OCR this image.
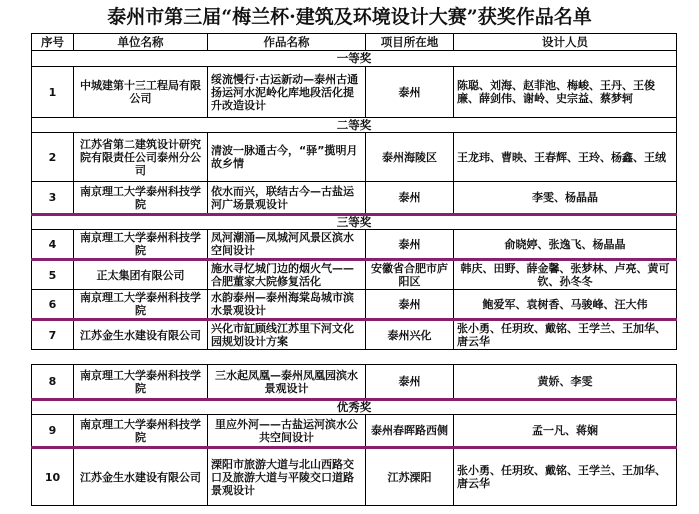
泰州市第三届“梅兰杯·建筑及环境设计大赛”获奖作品名单
序号	单位名称	作品名称	项目所在地	设计人员
一等奖				
1	中城建第十三工程局有限公司	绥流慢行·古运新动—泰州古通扬运河水泥岭化库地段活化提升改造设计	泰州	陈聪、刘海、赵菲池、梅峻、王丹、王俊廉、薛剑伟、谢岭、史宗益、蔡梦轲
二等奖				
2	江苏省第二建筑设计研究院有限责任公司泰州分公司	清波一脉通古今，“驿”揽明月故乡情	泰州海陵区	王龙玮、曹映、王春辉、王玲、杨鑫、王绒
3	南京理工大学泰州科技学院	依水而兴，联结古今—古盐运河广场景观设计	泰州	李雯、杨晶晶
三等奖				
4	南京理工大学泰州科技学院	凤河潮涌—凤城河风景区滨水空间设计	泰州	俞晓婷、张逸飞、杨晶晶
5	正太集团有限公司	施水寻忆城门边的烟火气——合肥董家大院修复活化	安徽省合肥市庐阳区	韩庆、田野、薛金馨、张梦林、卢亮、黄可钦、孙冬冬
6	南京理工大学泰州科技学院	水韵泰州—泰州海棠岛城市滨水景观设计	泰州	鲍爱军、袁树香、马骏峰、汪大伟
7	江苏金生水建设有限公司	兴化市缸顾线江苏里下河文化园规划设计方案	泰州兴化	张小勇、任玥玫、戴铭、王学兰、王加华、唐云华
8	南京理工大学泰州科技学院	三水起凤凰—泰州凤凰园滨水景观设计	泰州	黄娇、李雯
优秀奖				
9	南京理工大学泰州科技学院	里应外河——古盐运河滨水公共空间设计	泰州春晖路西侧	孟一凡、蒋娴
10	江苏金生水建设有限公司	溧阳市旅游大道与北山西路交口及旅游大道与平陵交口道路景观设计	江苏溧阳	张小勇、任玥玫、戴铭、王学兰、王加华、唐云华
